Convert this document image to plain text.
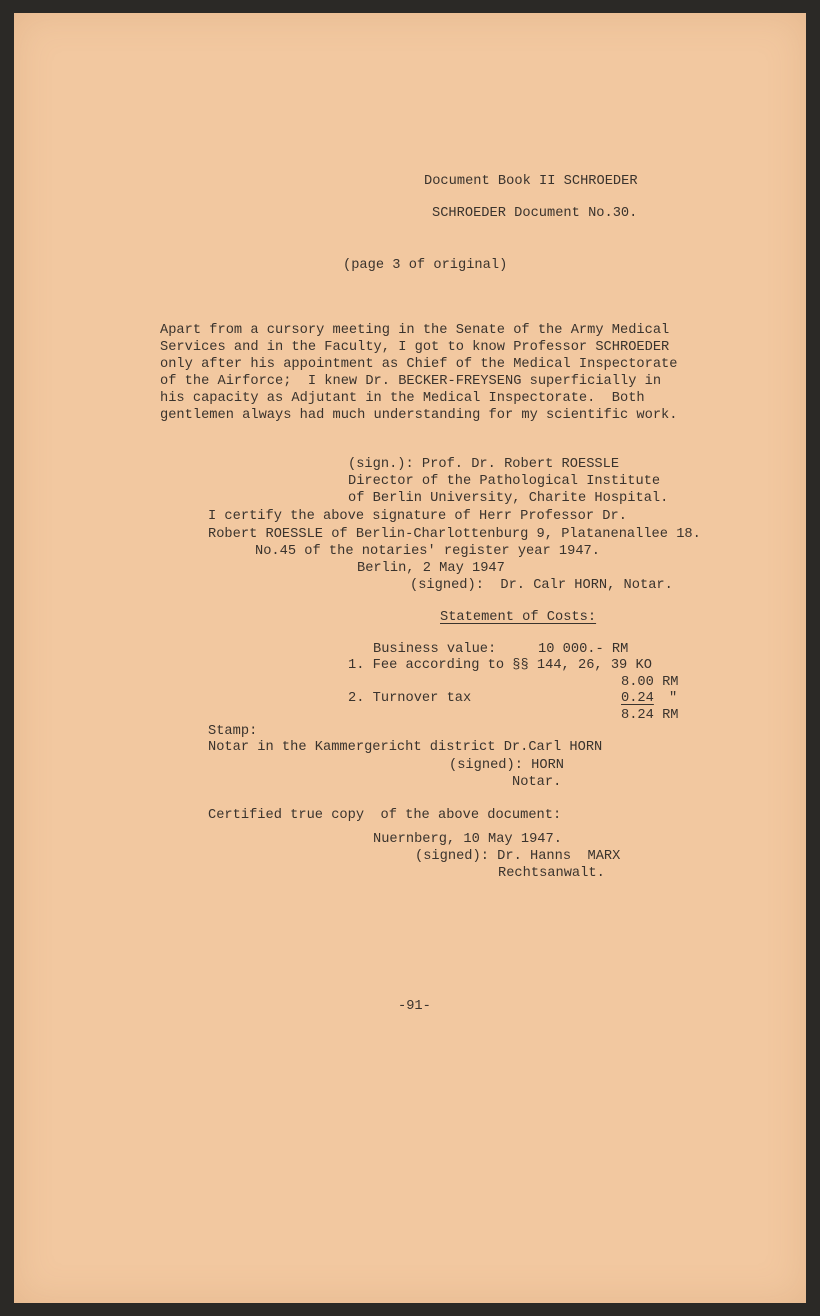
Document Book II SCHROEDER
SCHROEDER Document No.30.
(page 3 of original)
Apart from a cursory meeting in the Senate of the Army Medical
Services and in the Faculty, I got to know Professor SCHROEDER
only after his appointment as Chief of the Medical Inspectorate
of the Airforce;  I knew Dr. BECKER-FREYSENG superficially in
his capacity as Adjutant in the Medical Inspectorate.  Both
gentlemen always had much understanding for my scientific work.
(sign.): Prof. Dr. Robert ROESSLE
Director of the Pathological Institute
of Berlin University, Charite Hospital.
I certify the above signature of Herr Professor Dr.
Robert ROESSLE of Berlin-Charlottenburg 9, Platanenallee 18.
No.45 of the notaries' register year 1947.
Berlin, 2 May 1947
(signed):  Dr. Calr HORN, Notar.
Statement of Costs:
Business value:	10 000.- RM
1. Fee according to §§ 144, 26, 39 KO
8.00 RM
2. Turnover tax	0.24 "
8.24 RM
Stamp:
Notar in the Kammergericht district Dr.Carl HORN
(signed): HORN
Notar.
Certified true copy  of the above document:
Nuernberg, 10 May 1947.
(signed): Dr. Hanns  MARX
Rechtsanwalt.
-91-
